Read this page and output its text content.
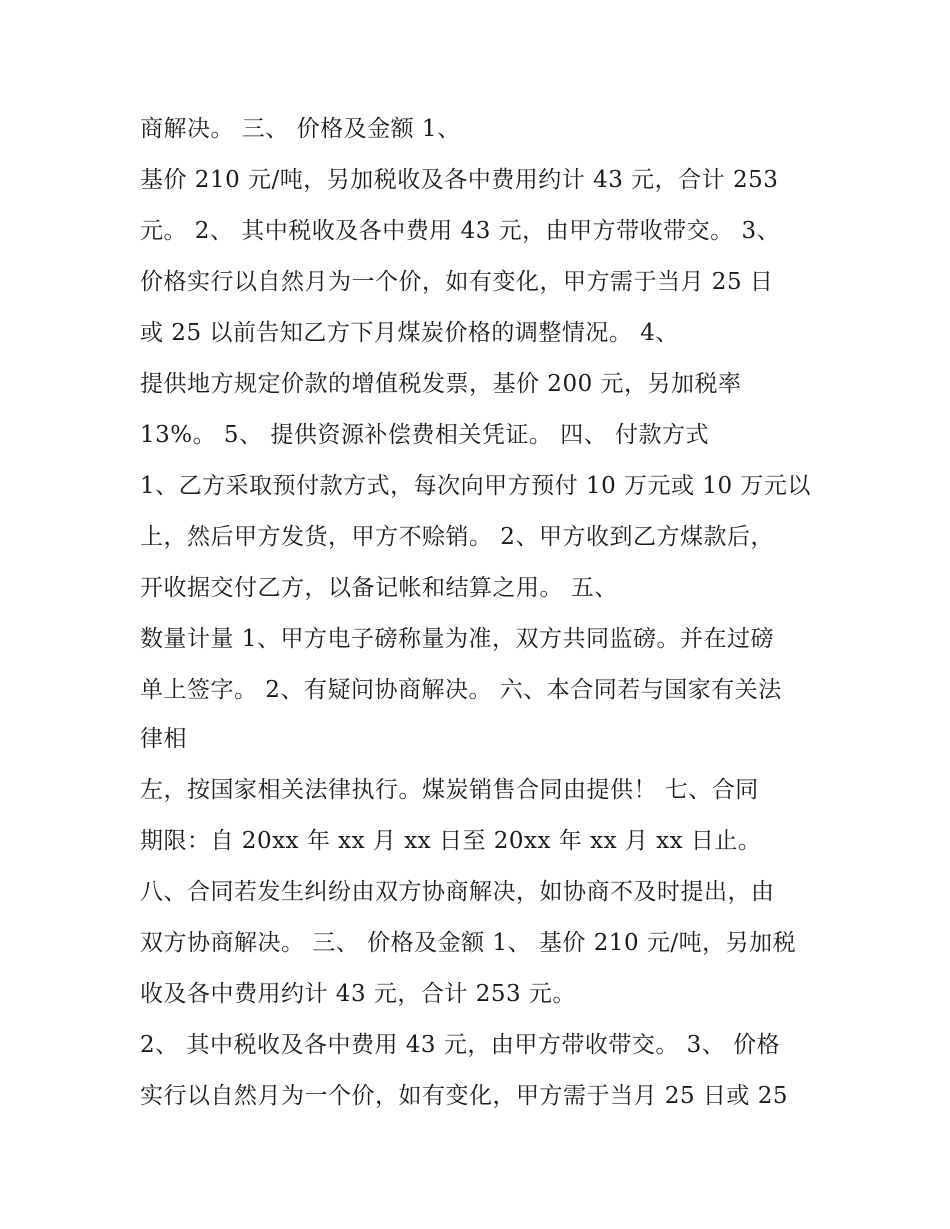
商解决。 三、 价格及金额 1、
基价 210 元/吨，另加税收及各中费用约计 43 元，合计 253
元。 2、 其中税收及各中费用 43 元，由甲方带收带交。 3、
价格实行以自然月为一个价，如有变化，甲方需于当月 25 日
或 25 以前告知乙方下月煤炭价格的调整情况。 4、
提供地方规定价款的增值税发票，基价 200 元，另加税率
13%。 5、 提供资源补偿费相关凭证。 四、 付款方式
1、乙方采取预付款方式，每次向甲方预付 10 万元或 10 万元以
上，然后甲方发货，甲方不赊销。 2、甲方收到乙方煤款后，
开收据交付乙方，以备记帐和结算之用。 五、
数量计量 1、甲方电子磅称量为准，双方共同监磅。并在过磅
单上签字。 2、有疑问协商解决。 六、本合同若与国家有关法
律相
左，按国家相关法律执行。煤炭销售合同由提供！ 七、合同
期限：自 20xx 年 xx 月 xx 日至 20xx 年 xx 月 xx 日止。
八、合同若发生纠纷由双方协商解决，如协商不及时提出，由
双方协商解决。 三、 价格及金额 1、 基价 210 元/吨，另加税
收及各中费用约计 43 元，合计 253 元。
2、 其中税收及各中费用 43 元，由甲方带收带交。 3、 价格
实行以自然月为一个价，如有变化，甲方需于当月 25 日或 25
